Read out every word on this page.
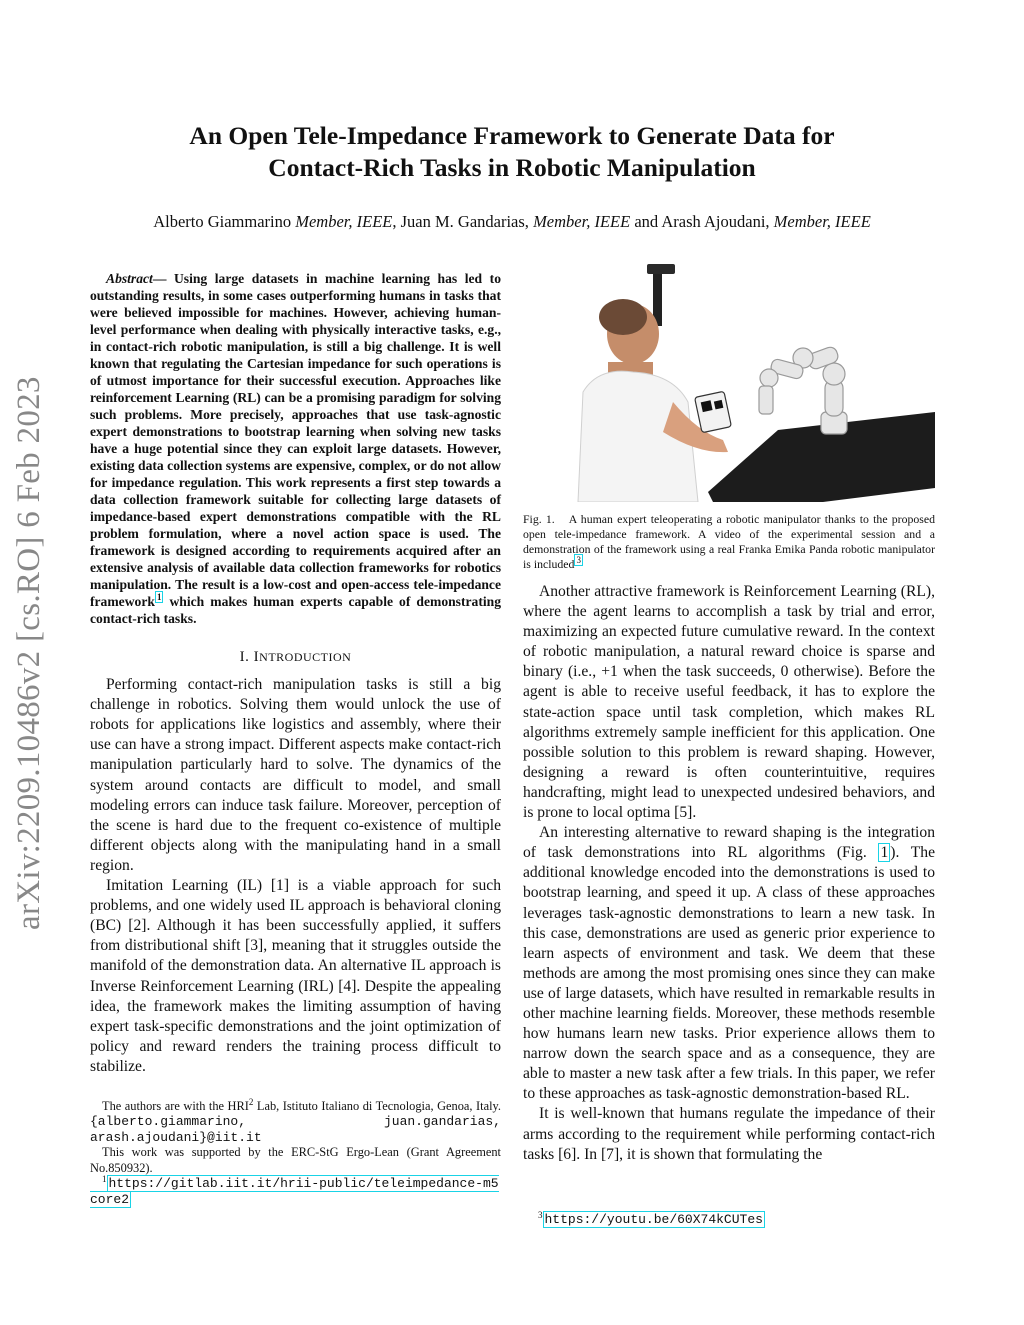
An Open Tele-Impedance Framework to Generate Data for
Contact-Rich Tasks in Robotic Manipulation
Alberto Giammarino Member, IEEE, Juan M. Gandarias, Member, IEEE and Arash Ajoudani, Member, IEEE
arXiv:2209.10486v2 [cs.RO] 6 Feb 2023

Abstract— Using large datasets in machine learning has led to outstanding results, in some cases outperforming humans in tasks that were believed impossible for machines. However, achieving human-level performance when dealing with physically interactive tasks, e.g., in contact-rich robotic manipulation, is still a big challenge. It is well known that regulating the Cartesian impedance for such operations is of utmost importance for their successful execution. Approaches like reinforcement Learning (RL) can be a promising paradigm for solving such problems. More precisely, approaches that use task-agnostic expert demonstrations to bootstrap learning when solving new tasks have a huge potential since they can exploit large datasets. However, existing data collection systems are expensive, complex, or do not allow for impedance regulation. This work represents a first step towards a data collection framework suitable for collecting large datasets of impedance-based expert demonstrations compatible with the RL problem formulation, where a novel action space is used. The framework is designed according to requirements acquired after an extensive analysis of available data collection frameworks for robotics manipulation. The result is a low-cost and open-access tele-impedance framework $^1$ which makes human experts capable of demonstrating contact-rich tasks.

I. INTRODUCTION

Performing contact-rich manipulation tasks is still a big challenge in robotics. Solving them would unlock the use of robots for applications like logistics and assembly, where their use can have a strong impact. Different aspects make contact-rich manipulation particularly hard to solve. The dynamics of the system around contacts are difficult to model, and small modeling errors can induce task failure. Moreover, perception of the scene is hard due to the frequent co-existence of multiple different objects along with the manipulating hand in a small region.

Imitation Learning (IL) [1] is a viable approach for such problems, and one widely used IL approach is behavioral cloning (BC) [2]. Although it has been successfully applied, it suffers from distributional shift [3], meaning that it struggles outside the manifold of the demonstration data. An alternative IL approach is Inverse Reinforcement Learning (IRL) [4]. Despite the appealing idea, the framework makes the limiting assumption of having expert task-specific demonstrations and the joint optimization of policy and reward renders the training process difficult to stabilize.

The authors are with the HRI$^2$ Lab, Istituto Italiano di Tecnologia, Genoa, Italy. {alberto.giammarino, juan.gandarias, arash.ajoudani}@iit.it

This work was supported by the ERC-StG Ergo-Lean (Grant Agreement No.850932).

$^1$ https://gitlab.iit.it/hrii-public/teleimpedance-m5core2

Fig. 1. A human expert teleoperating a robotic manipulator thanks to the proposed open tele-impedance framework. A video of the experimental session and a demonstration of the framework using a real Franka Emika Panda robotic manipulator is included $^3$

Another attractive framework is Reinforcement Learning (RL), where the agent learns to accomplish a task by trial and error, maximizing an expected future cumulative reward. In the context of robotic manipulation, a natural reward choice is sparse and binary (i.e., +1 when the task succeeds, 0 otherwise). Before the agent is able to receive useful feedback, it has to explore the state-action space until task completion, which makes RL algorithms extremely sample inefficient for this application. One possible solution to this problem is reward shaping. However, designing a reward is often counterintuitive, requires handcrafting, might lead to unexpected undesired behaviors, and is prone to local optima [5].

An interesting alternative to reward shaping is the integration of task demonstrations into RL algorithms (Fig. 1 ). The additional knowledge encoded into the demonstrations is used to bootstrap learning, and speed it up. A class of these approaches leverages task-agnostic demonstrations to learn a new task. In this case, demonstrations are used as generic prior experience to learn aspects of environment and task. We deem that these methods are among the most promising ones since they can make use of large datasets, which have resulted in remarkable results in other machine learning fields. Moreover, these methods resemble how humans learn new tasks. Prior experience allows them to narrow down the search space and as a consequence, they are able to master a new task after a few trials. In this paper, we refer to these approaches as task-agnostic demonstration-based RL.

It is well-known that humans regulate the impedance of their arms according to the requirement while performing contact-rich tasks [6]. In [7], it is shown that formulating the

$^3$ https://youtu.be/60X74kCUTes
